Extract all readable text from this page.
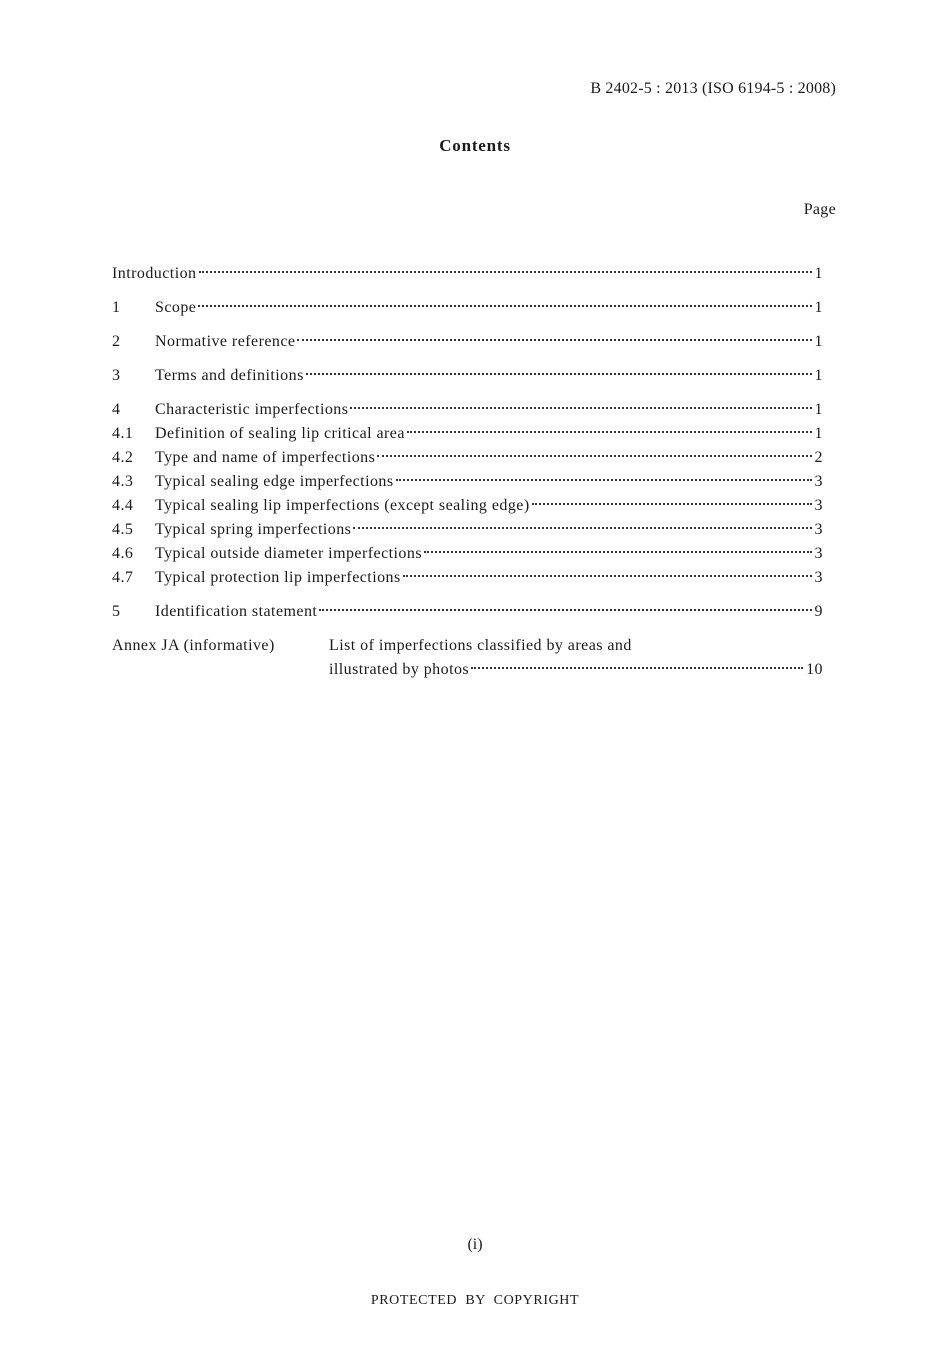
B 2402-5 : 2013 (ISO 6194-5 : 2008)
Contents
Page
Introduction	1
1	Scope	1
2	Normative reference	1
3	Terms and definitions	1
4	Characteristic imperfections	1
4.1	Definition of sealing lip critical area	1
4.2	Type and name of imperfections	2
4.3	Typical sealing edge imperfections	3
4.4	Typical sealing lip imperfections (except sealing edge)	3
4.5	Typical spring imperfections	3
4.6	Typical outside diameter imperfections	3
4.7	Typical protection lip imperfections	3
5	Identification statement	9
Annex JA (informative)	List of imperfections classified by areas and
illustrated by photos	10
(i)
PROTECTED  BY  COPYRIGHT
